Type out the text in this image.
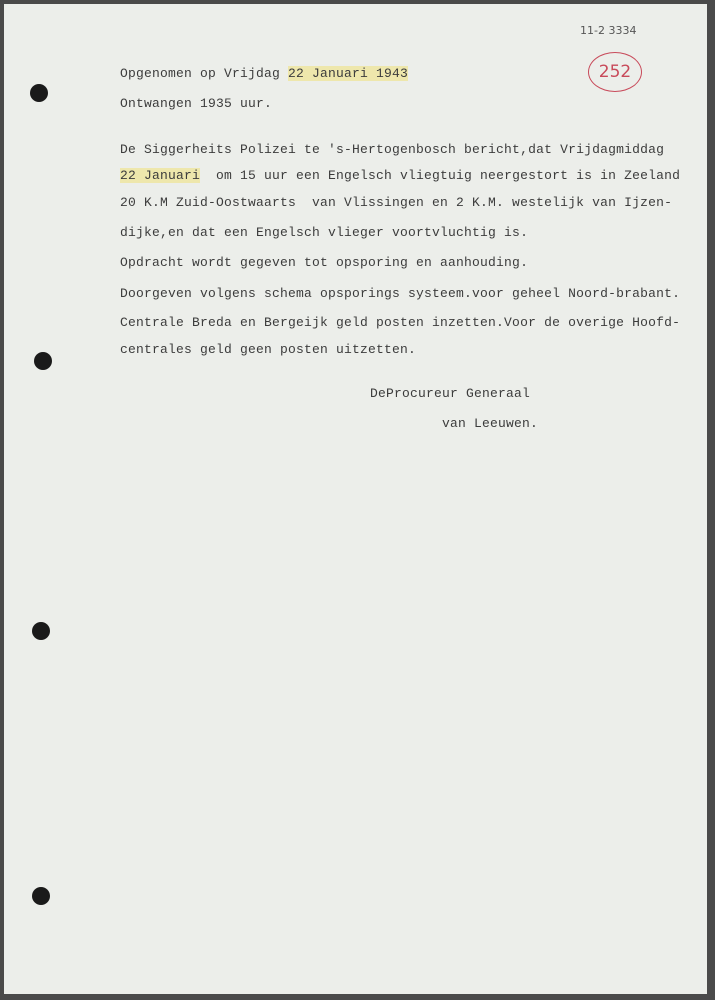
11-2 3334
252
Opgenomen op Vrijdag 22 Januari 1943
Ontwangen 1935 uur.
De Siggerheits Polizei te 's-Hertogenbosch bericht,dat Vrijdagmiddag
22 Januari  om 15 uur een Engelsch vliegtuig neergestort is in Zeeland
20 K.M Zuid-Oostwaarts  van Vlissingen en 2 K.M. westelijk van Ijzen-
dijke,en dat een Engelsch vlieger voortvluchtig is.
Opdracht wordt gegeven tot opsporing en aanhouding.
Doorgeven volgens schema opsporings systeem.voor geheel Noord-brabant.
Centrale Breda en Bergeijk geld posten inzetten.Voor de overige Hoofd-
centrales geld geen posten uitzetten.
DeProcureur Generaal
van Leeuwen.
